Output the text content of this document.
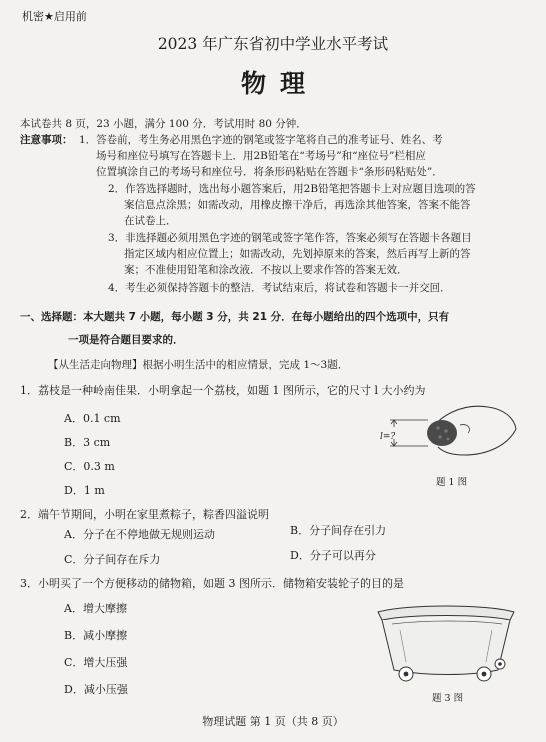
机密★启用前
2023 年广东省初中学业水平考试
物理
本试卷共 8 页，23 小题，满分 100 分．考试用时 80 分钟．
注意事项： 1．答卷前，考生务必用黑色字迹的钢笔或签字笔将自己的准考证号、姓名、考
场号和座位号填写在答题卡上．用2B铅笔在“考场号”和“座位号”栏相应
位置填涂自己的考场号和座位号．将条形码粘贴在答题卡“条形码粘贴处”．
2．作答选择题时，选出每小题答案后，用2B铅笔把答题卡上对应题目选项的答
案信息点涂黑；如需改动，用橡皮擦干净后，再选涂其他答案，答案不能答
在试卷上．
3．非选择题必须用黑色字迹的钢笔或签字笔作答，答案必须写在答题卡各题目
指定区域内相应位置上；如需改动，先划掉原来的答案，然后再写上新的答
案；不准使用铅笔和涂改液．不按以上要求作答的答案无效．
4．考生必须保持答题卡的整洁．考试结束后，将试卷和答题卡一并交回．
一、选择题：本大题共 7 小题，每小题 3 分，共 21 分．在每小题给出的四个选项中，只有
一项是符合题目要求的．
【从生活走向物理】根据小明生活中的相应情景，完成 1～3题．
1．荔枝是一种岭南佳果．小明拿起一个荔枝，如题 1 图所示，它的尺寸 l 大小约为
A．0.1 cm
B．3 cm
C．0.3 m
D．1 m
l=?
题 1 图
2．端午节期间，小明在家里煮粽子，粽香四溢说明
A．分子在不停地做无规则运动	B．分子间存在引力
C．分子间存在斥力	D．分子可以再分
3．小明买了一个方便移动的储物箱，如题 3 图所示．储物箱安装轮子的目的是
A．增大摩擦
B．减小摩擦
C．增大压强
D．减小压强
题 3 图
物理试题 第 1 页（共 8 页）
